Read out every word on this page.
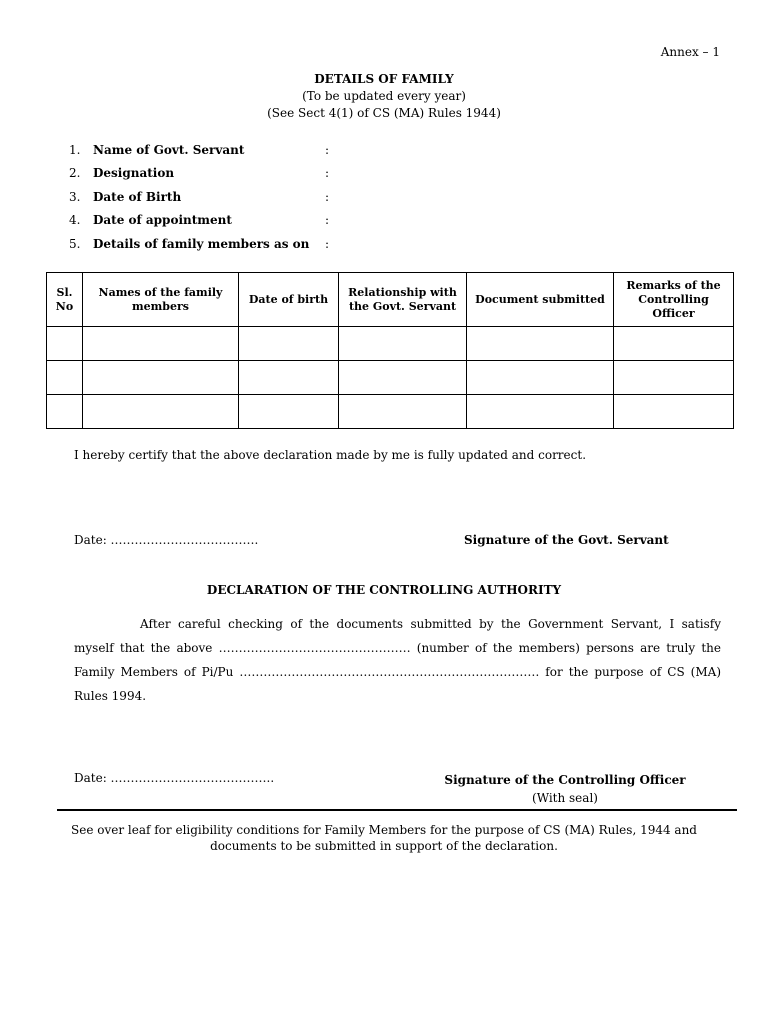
Annex – 1
DETAILS OF FAMILY
(To be updated every year)
(See Sect 4(1) of CS (MA) Rules 1944)
1.	Name of Govt. Servant	:
2.	Designation	:
3.	Date of Birth	:
4.	Date of appointment	:
5.	Details of family members as on	:
Sl. No	Names of the family members	Date of birth	Relationship with the Govt. Servant	Document submitted	Remarks of the Controlling Officer

I hereby certify that the above declaration made by me is fully updated and correct.
Date: ……………………………….	Signature of the Govt. Servant
DECLARATION OF THE CONTROLLING AUTHORITY
After careful checking of the documents submitted by the Government Servant, I satisfy myself that the above ………………………………………… (number of the members) persons are truly the Family Members of Pi/Pu ………………………………………………………………… for the purpose of CS (MA) Rules 1994.
Date: …………………………………..	Signature of the Controlling Officer
(With seal)
See over leaf for eligibility conditions for Family Members for the purpose of CS (MA) Rules, 1944 and documents to be submitted in support of the declaration.
